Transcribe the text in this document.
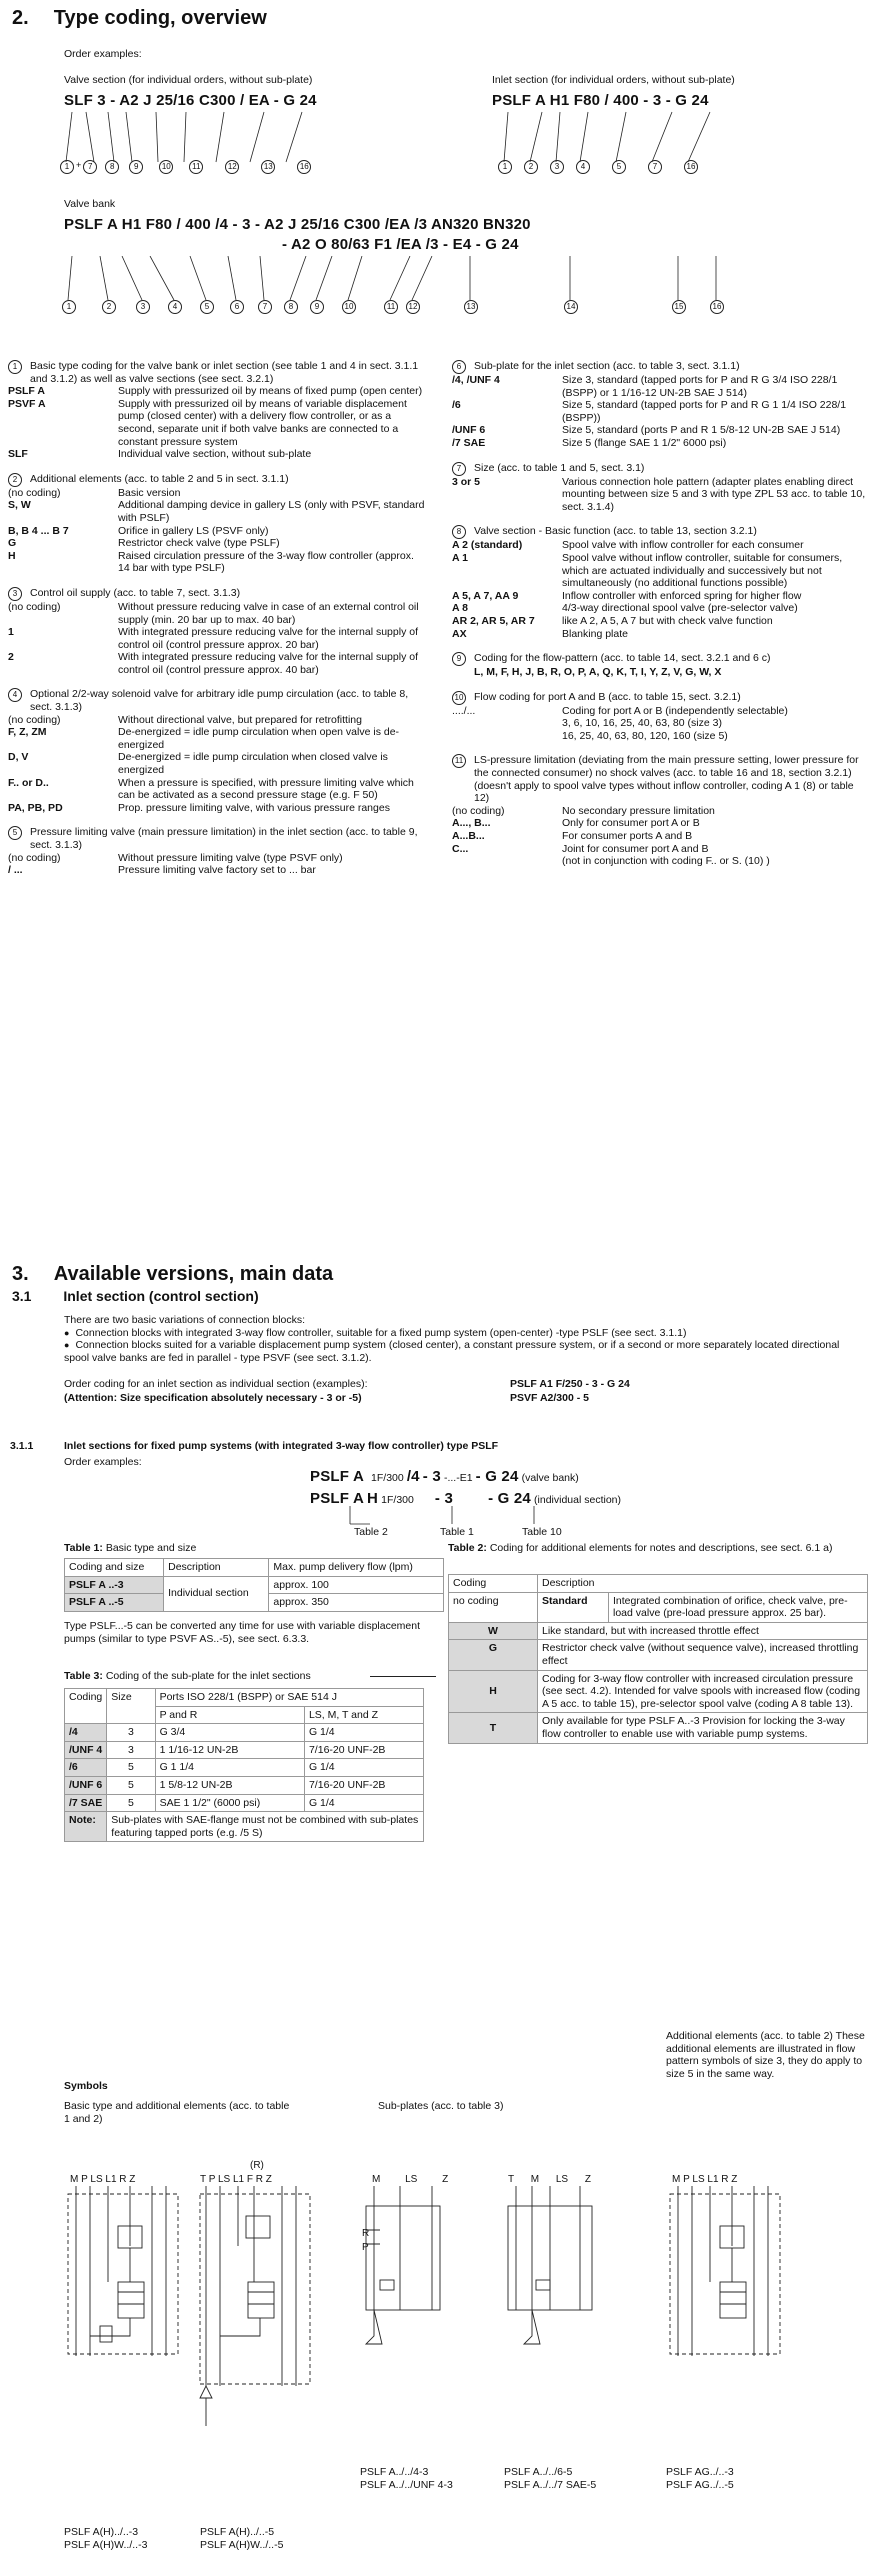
2. Type coding, overview
Order examples:
Valve section (for individual orders, without sub-plate)
SLF 3 - A2 J 25/16 C300 / EA - G 24
Inlet section (for individual orders, without sub-plate)
PSLF A H1 F80 / 400 - 3 - G 24
1 + 7	8	9	10	11	12	13	16	1	2	3	4	5	7	16
Valve bank
PSLF A H1 F80 / 400 /4 - 3 - A2 J 25/16 C300 /EA /3 AN320 BN320
- A2 O 80/63 F1 /EA /3 - E4 - G 24
1	2	3	4	5	6	7	8	9	10	11	12	13	14	15	16
1	Basic type coding for the valve bank or inlet section (see table 1 and 4 in sect. 3.1.1 and 3.1.2) as well as valve sections (see sect. 3.2.1)
PSLF A	Supply with pressurized oil by means of fixed pump (open center)
PSVF A	Supply with pressurized oil by means of variable displacement pump (closed center) with a delivery flow controller, or as a second, separate unit if both valve banks are connected to a constant pressure system
SLF	Individual valve section, without sub-plate
2	Additional elements (acc. to table 2 and 5 in sect. 3.1.1)
(no coding)	Basic version
S, W	Additional damping device in gallery LS (only with PSVF, standard with PSLF)
B, B 4 ... B 7	Orifice in gallery LS (PSVF only)
G	Restrictor check valve (type PSLF)
H	Raised circulation pressure of the 3-way flow controller (approx. 14 bar with type PSLF)
3	Control oil supply (acc. to table 7, sect. 3.1.3)
(no coding)	Without pressure reducing valve in case of an external control oil supply (min. 20 bar up to max. 40 bar)
1	With integrated pressure reducing valve for the internal supply of control oil (control pressure approx. 20 bar)
2	With integrated pressure reducing valve for the internal supply of control oil (control pressure approx. 40 bar)
4	Optional 2/2-way solenoid valve for arbitrary idle pump circulation (acc. to table 8, sect. 3.1.3)
(no coding)	Without directional valve, but prepared for retrofitting
F, Z, ZM	De-energized = idle pump circulation when open valve is de-energized
D, V	De-energized = idle pump circulation when closed valve is energized
F.. or D..	When a pressure is specified, with pressure limiting valve which can be activated as a second pressure stage (e.g. F 50)
PA, PB, PD	Prop. pressure limiting valve, with various pressure ranges
5	Pressure limiting valve (main pressure limitation) in the inlet section (acc. to table 9, sect. 3.1.3)
(no coding)	Without pressure limiting valve (type PSVF only)
/ ...	Pressure limiting valve factory set to ... bar
6	Sub-plate for the inlet section (acc. to table 3, sect. 3.1.1)
/4, /UNF 4	Size 3, standard (tapped ports for P and R G 3/4 ISO 228/1 (BSPP) or 1 1/16-12 UN-2B SAE J 514)
/6	Size 5, standard (tapped ports for P and R G 1 1/4 ISO 228/1 (BSPP))
/UNF 6	Size 5, standard (ports P and R 1 5/8-12 UN-2B SAE J 514)
/7 SAE	Size 5 (flange SAE 1 1/2" 6000 psi)
7	Size (acc. to table 1 and 5, sect. 3.1)
3 or 5	Various connection hole pattern (adapter plates enabling direct mounting between size 5 and 3 with type ZPL 53 acc. to table 10, sect. 3.1.4)
8	Valve section - Basic function (acc. to table 13, section 3.2.1)
A 2 (standard)	Spool valve with inflow controller for each consumer
A 1	Spool valve without inflow controller, suitable for consumers, which are actuated individually and successively but not simultaneously (no additional functions possible)
A 5, A 7, AA 9	Inflow controller with enforced spring for higher flow
A 8	4/3-way directional spool valve (pre-selector valve)
AR 2, AR 5, AR 7	like A 2, A 5, A 7 but with check valve function
AX	Blanking plate
9	Coding for the flow-pattern (acc. to table 14, sect. 3.2.1 and 6 c)
L, M, F, H, J, B, R, O, P, A, Q, K, T, I, Y, Z, V, G, W, X
10 Flow coding for port A and B (acc. to table 15, sect. 3.2.1)
..../...	Coding for port A or B (independently selectable)
3, 6, 10, 16, 25, 40, 63, 80 (size 3)
16, 25, 40, 63, 80, 120, 160 (size 5)
11 LS-pressure limitation (deviating from the main pressure setting, lower pressure for the connected consumer) no shock valves (acc. to table 16 and 18, section 3.2.1) (doesn't apply to spool valve types without inflow controller, coding A 1 (8) or table 12)
(no coding)	No secondary pressure limitation
A..., B...	Only for consumer port A or B
A...B...	For consumer ports A and B
C...	Joint for consumer port A and B
(not in conjunction with coding F.. or S. (10) )
3. Available versions, main data
3.1 Inlet section (control section)
There are two basic variations of connection blocks:
● Connection blocks with integrated 3-way flow controller, suitable for a fixed pump system (open-center) -type PSLF (see sect. 3.1.1)
● Connection blocks suited for a variable displacement pump system (closed center), a constant pressure system, or if a second or more separately located directional spool valve banks are fed in parallel - type PSVF (see sect. 3.1.2).
Order coding for an inlet section as individual section (examples):
(Attention: Size specification absolutely necessary - 3 or -5)
PSLF A1 F/250 - 3 - G 24
PSVF A2/300 - 5
3.1.1	Inlet sections for fixed pump systems (with integrated 3-way flow controller) type PSLF
Order examples:
PSLF A 1F/300 /4 - 3 -...-E1 - G 24 (valve bank)
PSLF A H 1F/300 - 3 - G 24 (individual section)
Table 2	Table 1	Table 10
Table 1: Basic type and size
Coding and size	Description	Max. pump delivery flow (lpm)
PSLF A ..-3	Individual section	approx. 100
PSLF A ..-5		approx. 350
Type PSLF...-5 can be converted any time for use with variable displacement pumps (similar to type PSVF AS..-5), see sect. 6.3.3.
Table 2: Coding for additional elements for notes and descriptions, see sect. 6.1 a)
Coding	Description	
no coding	Standard	Integrated combination of orifice, check valve, pre-load valve (pre-load pressure approx. 25 bar).
W	Like standard, but with increased throttle effect	
G	Restrictor check valve (without sequence valve), increased throttling effect	
H	Coding for 3-way flow controller with increased circulation pressure (see sect. 4.2). Intended for valve spools with increased flow (coding A 5 acc. to table 15), pre-selector spool valve (coding A 8 table 13).	
T	Only available for type PSLF A..-3 Provision for locking the 3-way flow controller to enable use with variable pump systems.	
Table 3: Coding of the sub-plate for the inlet sections
Coding	Size	Ports ISO 228/1 (BSPP) or SAE 514 J	
		P and R	LS, M, T and Z
/4	3	G 3/4	G 1/4
/UNF 4	3	1 1/16-12 UN-2B	7/16-20 UNF-2B
/6	5	G 1 1/4	G 1/4
/UNF 6	5	1 5/8-12 UN-2B	7/16-20 UNF-2B
/7 SAE	5	SAE 1 1/2" (6000 psi)	G 1/4
Note:	Sub-plates with SAE-flange must not be combined with sub-plates featuring tapped ports (e.g. /5 S)		
Symbols
Basic type and additional elements (acc. to table 1 and 2)
Sub-plates (acc. to table 3)
Additional elements (acc. to table 2) These additional elements are illustrated in flow pattern symbols of size 3, they do apply to size 5 in the same way.
M P LS L1 R Z
(R)
T P LS L1 F R Z	M LS Z	T M LS Z	M P LS L1 R Z
R
P
PSLF A../../4-3
PSLF A../../UNF 4-3
PSLF A../../6-5
PSLF A../../7 SAE-5
PSLF AG../..-3
PSLF AG../..-5
PSLF A(H)../..-3
PSLF A(H)W../..-3
PSLF A(H)../..-5
PSLF A(H)W../..-5
